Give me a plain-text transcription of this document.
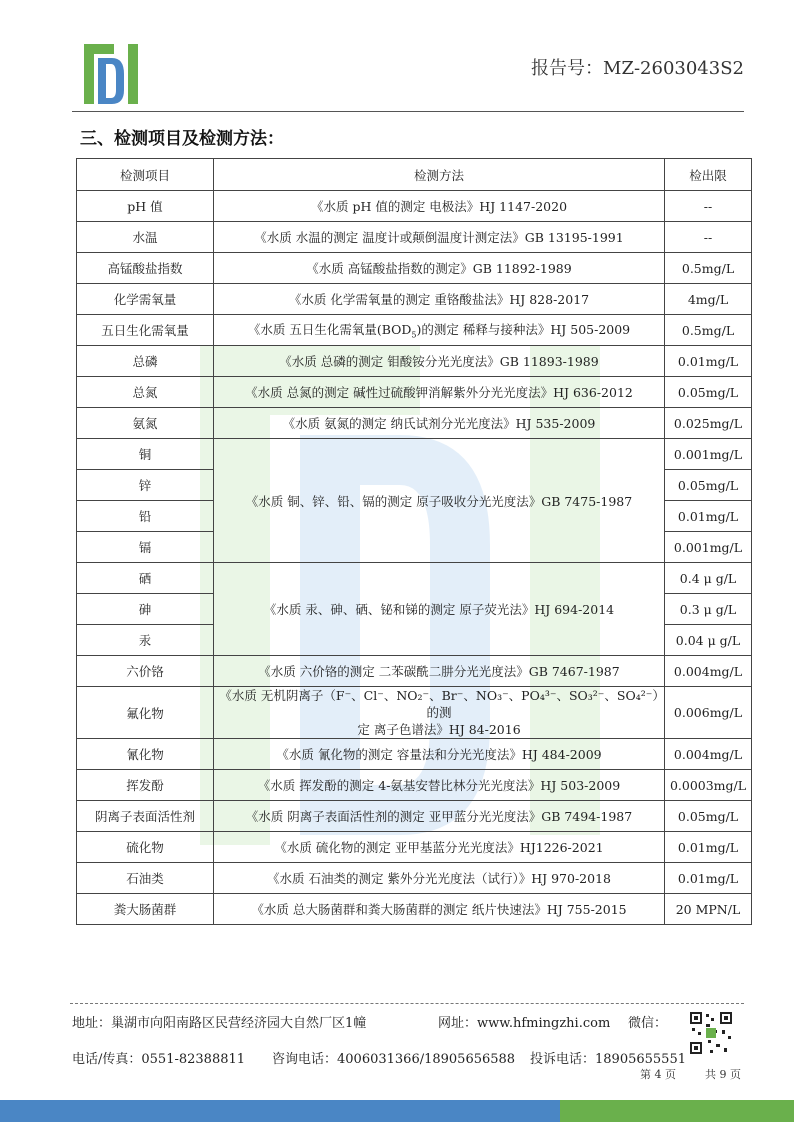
报告号：MZ-2603043S2
三、检测项目及检测方法：
检测项目	检测方法	检出限
pH 值	《水质 pH 值的测定 电极法》HJ 1147-2020	--
水温	《水质 水温的测定 温度计或颠倒温度计测定法》GB 13195-1991	--
高锰酸盐指数	《水质 高锰酸盐指数的测定》GB 11892-1989	0.5mg/L
化学需氧量	《水质 化学需氧量的测定 重铬酸盐法》HJ 828-2017	4mg/L
五日生化需氧量	《水质 五日生化需氧量$(BOD_5)$的测定 稀释与接种法》HJ 505-2009	0.5mg/L
总磷	《水质 总磷的测定 钼酸铵分光光度法》GB 11893-1989	0.01mg/L
总氮	《水质 总氮的测定 碱性过硫酸钾消解紫外分光光度法》HJ 636-2012	0.05mg/L
氨氮	《水质 氨氮的测定 纳氏试剂分光光度法》HJ 535-2009	0.025mg/L
铜	《水质 铜、锌、铅、镉的测定 原子吸收分光光度法》GB 7475-1987	0.001mg/L
锌		0.05mg/L
铅		0.01mg/L
镉		0.001mg/L
硒	《水质 汞、砷、硒、铋和锑的测定 原子荧光法》HJ 694-2014	0.4 μ g/L
砷		0.3 μ g/L
汞		0.04 μ g/L
六价铬	《水质 六价铬的测定 二苯碳酰二肼分光光度法》GB 7467-1987	0.004mg/L
氟化物	《水质 无机阴离子（F⁻、Cl⁻、NO₂⁻、Br⁻、NO₃⁻、PO₄³⁻、SO₃²⁻、SO₄²⁻）的测
定 离子色谱法》HJ 84-2016	0.006mg/L
氰化物	《水质 氰化物的测定 容量法和分光光度法》HJ 484-2009	0.004mg/L
挥发酚	《水质 挥发酚的测定 4-氨基安替比林分光光度法》HJ 503-2009	0.0003mg/L
阴离子表面活性剂	《水质 阴离子表面活性剂的测定 亚甲蓝分光光度法》GB 7494-1987	0.05mg/L
硫化物	《水质 硫化物的测定 亚甲基蓝分光光度法》HJ1226-2021	0.01mg/L
石油类	《水质 石油类的测定 紫外分光光度法（试行）》HJ 970-2018	0.01mg/L
粪大肠菌群	《水质 总大肠菌群和粪大肠菌群的测定 纸片快速法》HJ 755-2015	20 MPN/L
地址：巢湖市向阳南路区民营经济园大自然厂区1幢	网址：www.hfmingzhi.com 微信：
电话/传真：0551-82388811 咨询电话：4006031366/18905656588 投诉电话：18905655551
第 4 页	共 9 页
